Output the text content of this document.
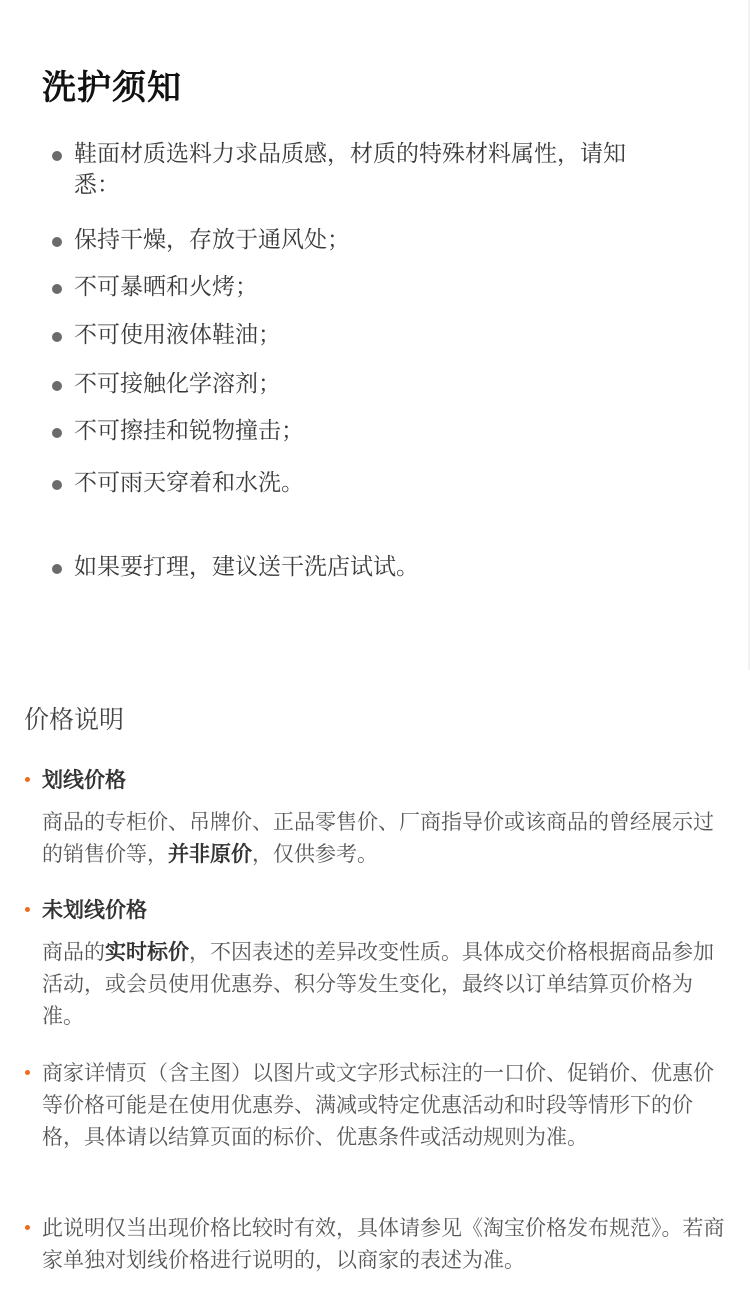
洗护须知
鞋面材质选料力求品质感，材质的特殊材料属性，请知悉：
保持干燥，存放于通风处；
不可暴晒和火烤；
不可使用液体鞋油；
不可接触化学溶剂；
不可擦挂和锐物撞击；
不可雨天穿着和水洗。
如果要打理，建议送干洗店试试。
价格说明
划线价格
商品的专柜价、吊牌价、正品零售价、厂商指导价或该商品的曾经展示过的销售价等，并非原价，仅供参考。
未划线价格
商品的实时标价，不因表述的差异改变性质。具体成交价格根据商品参加活动，或会员使用优惠券、积分等发生变化，最终以订单结算页价格为准。
商家详情页（含主图）以图片或文字形式标注的一口价、促销价、优惠价等价格可能是在使用优惠券、满减或特定优惠活动和时段等情形下的价格，具体请以结算页面的标价、优惠条件或活动规则为准。
此说明仅当出现价格比较时有效，具体请参见《淘宝价格发布规范》。若商家单独对划线价格进行说明的，以商家的表述为准。
